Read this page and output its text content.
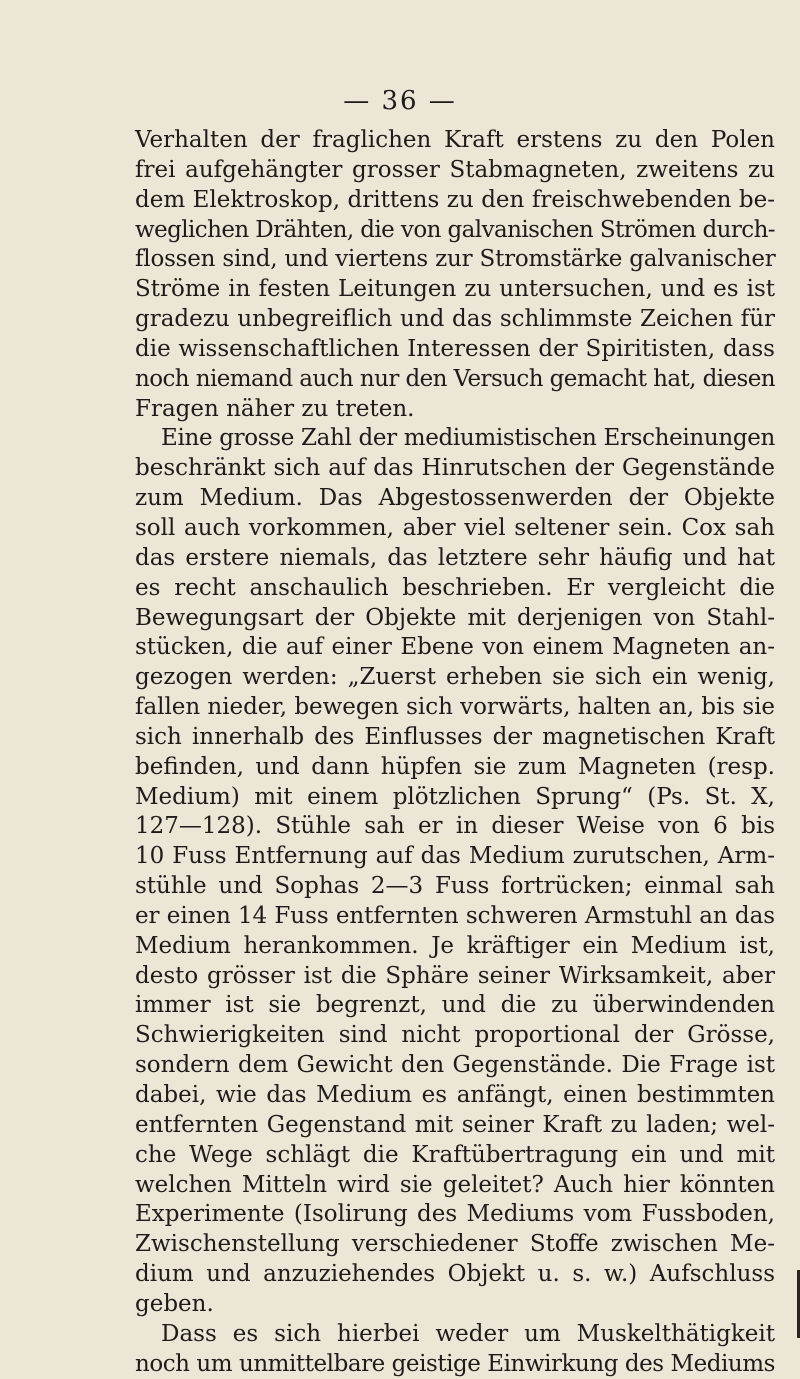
— 36 —
Verhalten der fraglichen Kraft erstens zu den Polen
frei aufgehängter grosser Stabmagneten, zweitens zu
dem Elektroskop, drittens zu den freischwebenden be-
weglichen Drähten, die von galvanischen Strömen durch-
flossen sind, und viertens zur Stromstärke galvanischer
Ströme in festen Leitungen zu untersuchen, und es ist
gradezu unbegreiflich und das schlimmste Zeichen für
die wissenschaftlichen Interessen der Spiritisten, dass
noch niemand auch nur den Versuch gemacht hat, diesen
Fragen näher zu treten.
Eine grosse Zahl der mediumistischen Erscheinungen
beschränkt sich auf das Hinrutschen der Gegenstände
zum Medium. Das Abgestossenwerden der Objekte
soll auch vorkommen, aber viel seltener sein. Cox sah
das erstere niemals, das letztere sehr häufig und hat
es recht anschaulich beschrieben. Er vergleicht die
Bewegungsart der Objekte mit derjenigen von Stahl-
stücken, die auf einer Ebene von einem Magneten an-
gezogen werden: „Zuerst erheben sie sich ein wenig,
fallen nieder, bewegen sich vorwärts, halten an, bis sie
sich innerhalb des Einflusses der magnetischen Kraft
befinden, und dann hüpfen sie zum Magneten (resp.
Medium) mit einem plötzlichen Sprung“ (Ps. St. X,
127—128). Stühle sah er in dieser Weise von 6 bis
10 Fuss Entfernung auf das Medium zurutschen, Arm-
stühle und Sophas 2—3 Fuss fortrücken; einmal sah
er einen 14 Fuss entfernten schweren Armstuhl an das
Medium herankommen. Je kräftiger ein Medium ist,
desto grösser ist die Sphäre seiner Wirksamkeit, aber
immer ist sie begrenzt, und die zu überwindenden
Schwierigkeiten sind nicht proportional der Grösse,
sondern dem Gewicht den Gegenstände. Die Frage ist
dabei, wie das Medium es anfängt, einen bestimmten
entfernten Gegenstand mit seiner Kraft zu laden; wel-
che Wege schlägt die Kraftübertragung ein und mit
welchen Mitteln wird sie geleitet? Auch hier könnten
Experimente (Isolirung des Mediums vom Fussboden,
Zwischenstellung verschiedener Stoffe zwischen Me-
dium und anzuziehendes Objekt u. s. w.) Aufschluss
geben.
Dass es sich hierbei weder um Muskelthätigkeit
noch um unmittelbare geistige Einwirkung des Mediums
